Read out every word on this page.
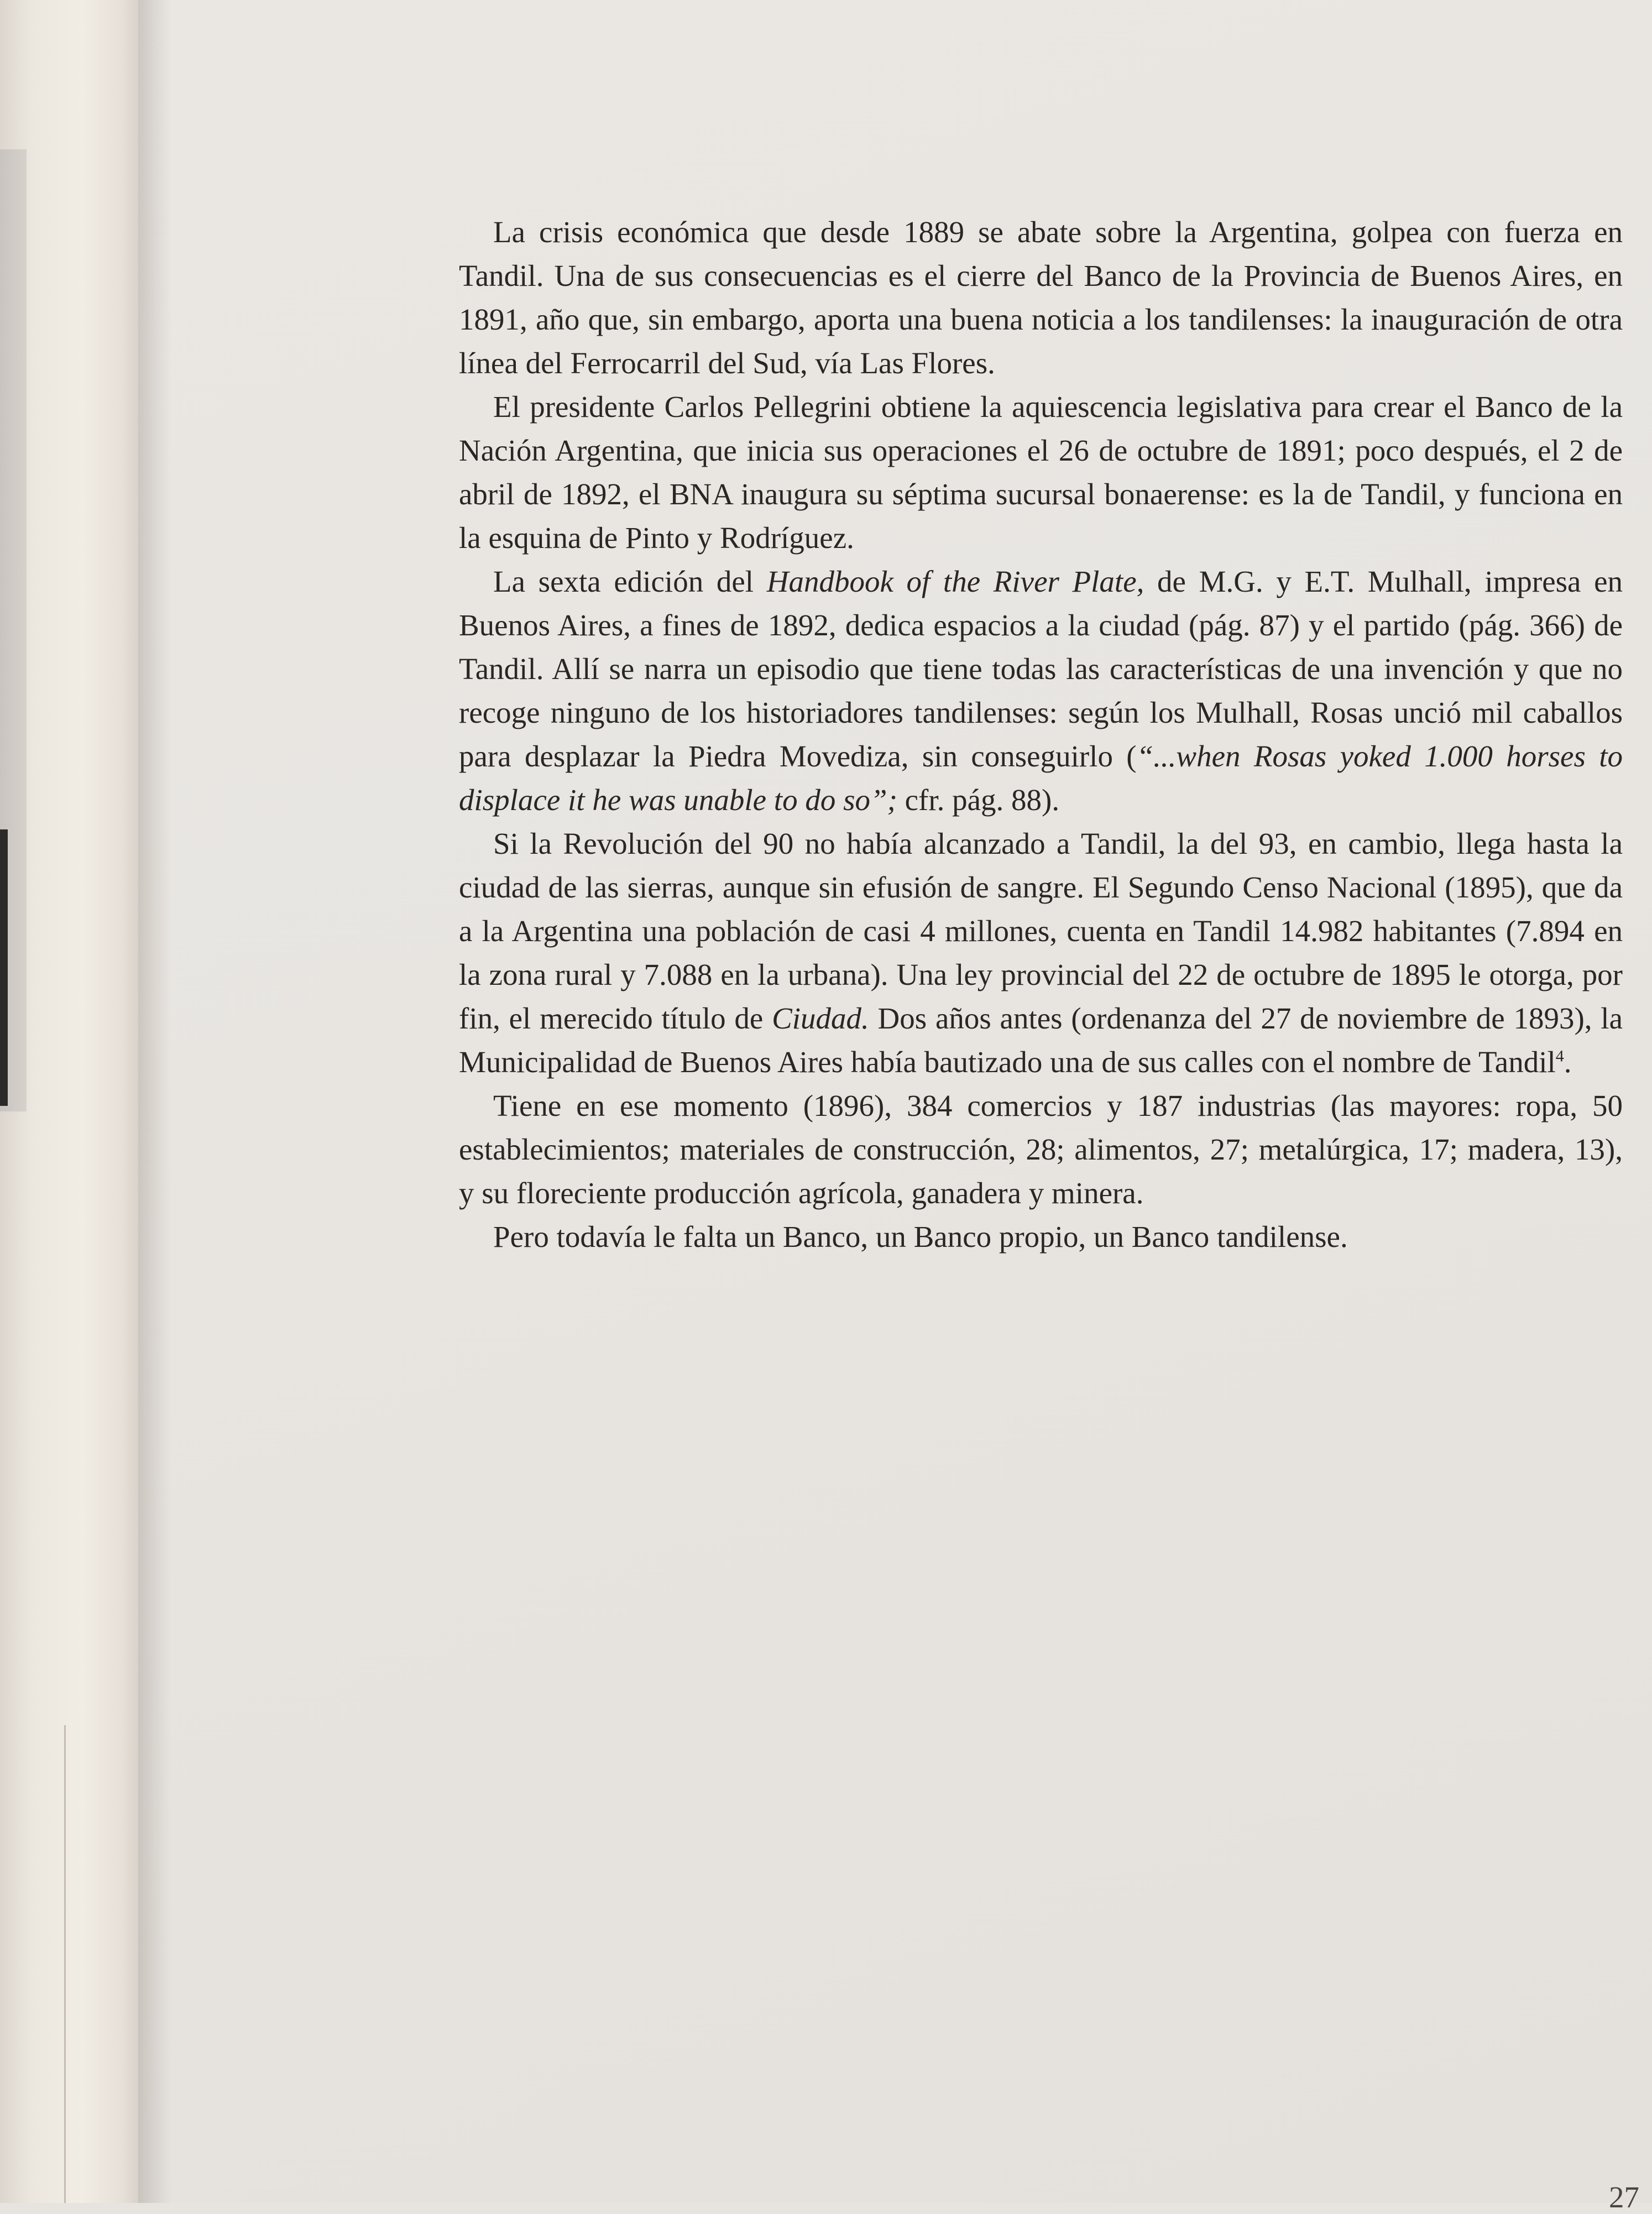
La crisis económica que desde 1889 se abate sobre la Argentina, golpea con fuerza en Tandil. Una de sus consecuencias es el cierre del Banco de la Provincia de Buenos Aires, en 1891, año que, sin embargo, aporta una buena noticia a los tandilenses: la inauguración de otra línea del Ferrocarril del Sud, vía Las Flores.

El presidente Carlos Pellegrini obtiene la aquiescencia legislativa para crear el Banco de la Nación Argentina, que inicia sus operaciones el 26 de octubre de 1891; poco después, el 2 de abril de 1892, el BNA inaugura su séptima sucursal bonaerense: es la de Tandil, y funciona en la esquina de Pinto y Rodríguez.

La sexta edición del Handbook of the River Plate, de M.G. y E.T. Mulhall, impresa en Buenos Aires, a fines de 1892, dedica espacios a la ciudad (pág. 87) y el partido (pág. 366) de Tandil. Allí se narra un episodio que tiene todas las características de una invención y que no recoge ninguno de los historiadores tandilenses: según los Mulhall, Rosas unció mil caballos para desplazar la Piedra Movediza, sin conseguirlo (“...when Rosas yoked 1.000 horses to displace it he was unable to do so”; cfr. pág. 88).

Si la Revolución del 90 no había alcanzado a Tandil, la del 93, en cambio, llega hasta la ciudad de las sierras, aunque sin efusión de sangre. El Segundo Censo Nacional (1895), que da a la Argentina una población de casi 4 millones, cuenta en Tandil 14.982 habitantes (7.894 en la zona rural y 7.088 en la urbana). Una ley provincial del 22 de octubre de 1895 le otorga, por fin, el merecido título de Ciudad. Dos años antes (ordenanza del 27 de noviembre de 1893), la Municipalidad de Buenos Aires había bautizado una de sus calles con el nombre de Tandil$^4$.

Tiene en ese momento (1896), 384 comercios y 187 industrias (las mayores: ropa, 50 establecimientos; materiales de construcción, 28; alimentos, 27; metalúrgica, 17; madera, 13), y su floreciente producción agrícola, ganadera y minera.

Pero todavía le falta un Banco, un Banco propio, un Banco tandilense.

27
